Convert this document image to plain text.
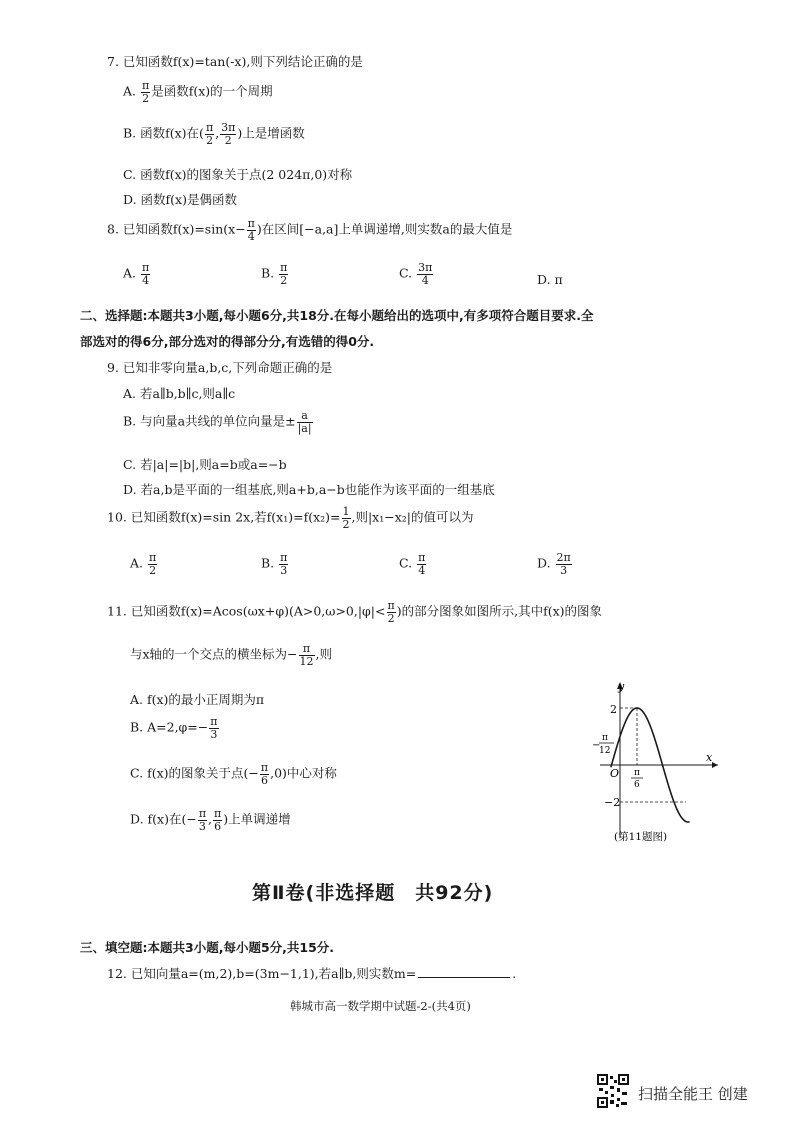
7. 已知函数f(x)=tan(-x),则下列结论正确的是
A. $\frac{\pi}{2}$ 是函数f(x)的一个周期
B. 函数f(x)在( $\frac{\pi}{2}$ , $\frac{3\pi}{2}$ )上是增函数
C. 函数f(x)的图象关于点(2 024π,0)对称
D. 函数f(x)是偶函数
8. 已知函数$f(x)=\sin(x- \frac{\pi}{4}$ )在区间[−a,a]上单调递增,则实数a的最大值是
A. $\frac{\pi}{4}$	B. $\frac{\pi}{2}$	C. $\frac{3\pi}{4}$	D. π
二、选择题:本题共3小题,每小题6分,共18分.在每小题给出的选项中,有多项符合题目要求.全
部选对的得6分,部分选对的得部分分,有选错的得0分.
9. 已知非零向量a,b,c,下列命题正确的是
A. 若a∥b,b∥c,则a∥c
B. 与向量a共线的单位向量是± $\frac{a}{|a|}$
C. 若|a|=|b|,则a=b或a=−b
D. 若a,b是平面的一组基底,则a+b,a−b也能作为该平面的一组基底
10. 已知函数f(x)=sin 2x,若$f(x_1)=f(x_2)= \frac{1}{2}$ ,则|x₁−x₂|的值可以为
A. $\frac{\pi}{2}$	B. $\frac{\pi}{3}$	C. $\frac{\pi}{4}$	D. $\frac{2\pi}{3}$
11. 已知函数$f(x)=Acos(\omega x+\varphi)(A>0,\omega>0,|\varphi|< \frac{\pi}{2}$ )的部分图象如图所示,其中f(x)的图象
与x轴的一个交点的横坐标为− $\frac{\pi}{12}$ ,则
A. f(x)的最小正周期为π
B. $A=2,\varphi=- \frac{\pi}{3}$
C. f(x)的图象关于点(− $\frac{\pi}{6} ,0$)中心对称
D. f(x)在(− $\frac{\pi}{3}$ , $\frac{\pi}{6}$ )上单调递增
y
x
O
2
−2
−
π
12
π
6
(第11题图)
第Ⅱ卷(非选择题　共92分)
三、填空题:本题共3小题,每小题5分,共15分.
12. 已知向量a=(m,2),b=(3m−1,1),若a∥b,则实数m=	.
韩城市高一数学期中试题-2-(共4页)
扫描全能王 创建
